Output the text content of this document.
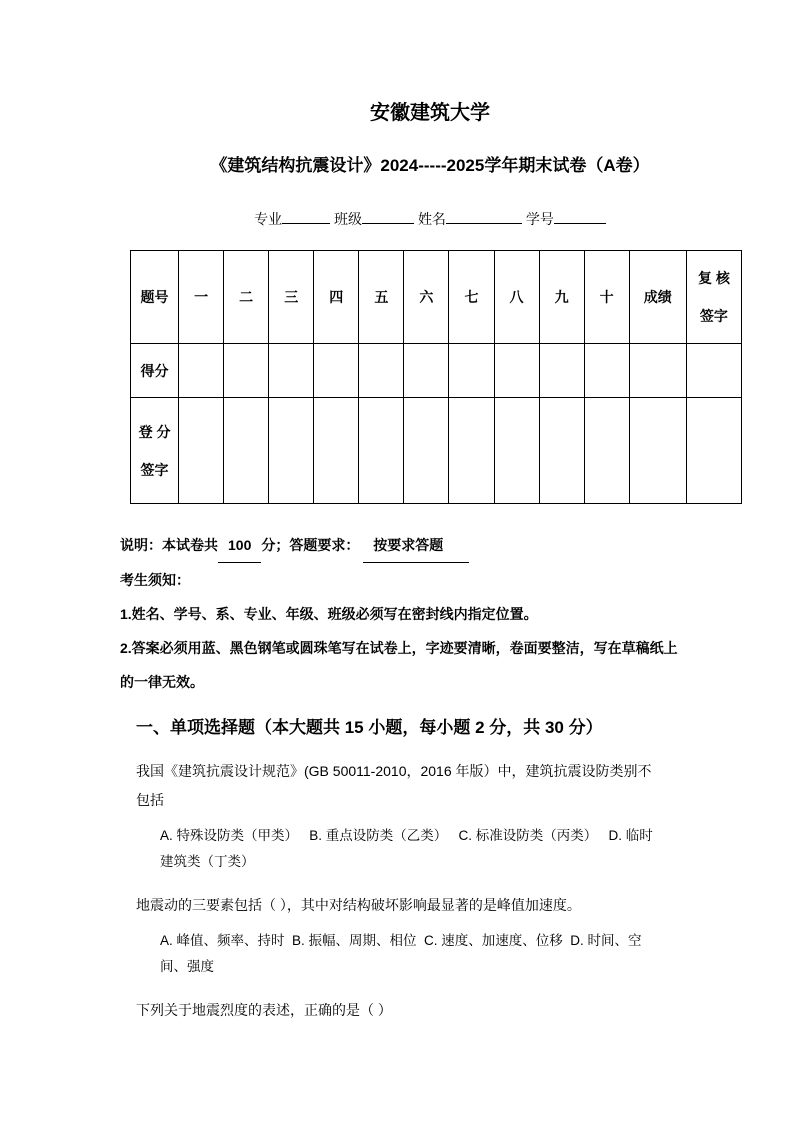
安徽建筑大学
《建筑结构抗震设计》2024-----2025学年期末试卷（A卷）
专业	班级	姓名	学号
题号	一	二	三	四	五	六	七	八	九	十	成绩	复 核
签字

得分												

登 分
签字												

说明：本试卷共 100 分；答题要求： 按要求答题

考生须知：

1.姓名、学号、系、专业、年级、班级必须写在密封线内指定位置。

2.答案必须用蓝、黑色钢笔或圆珠笔写在试卷上，字迹要清晰，卷面要整洁，写在草稿纸上的一律无效。

一、单项选择题（本大题共 15 小题，每小题 2 分，共 30 分）

我国《建筑抗震设计规范》(GB 50011-2010，2016 年版）中，建筑抗震设防类别不包括

A. 特殊设防类（甲类）   B. 重点设防类（乙类）   C. 标准设防类（丙类）   D. 临时建筑类（丁类）

地震动的三要素包括（ ），其中对结构破坏影响最显著的是峰值加速度。

A. 峰值、频率、持时  B. 振幅、周期、相位  C. 速度、加速度、位移  D. 时间、空间、强度

下列关于地震烈度的表述，正确的是（ ）
